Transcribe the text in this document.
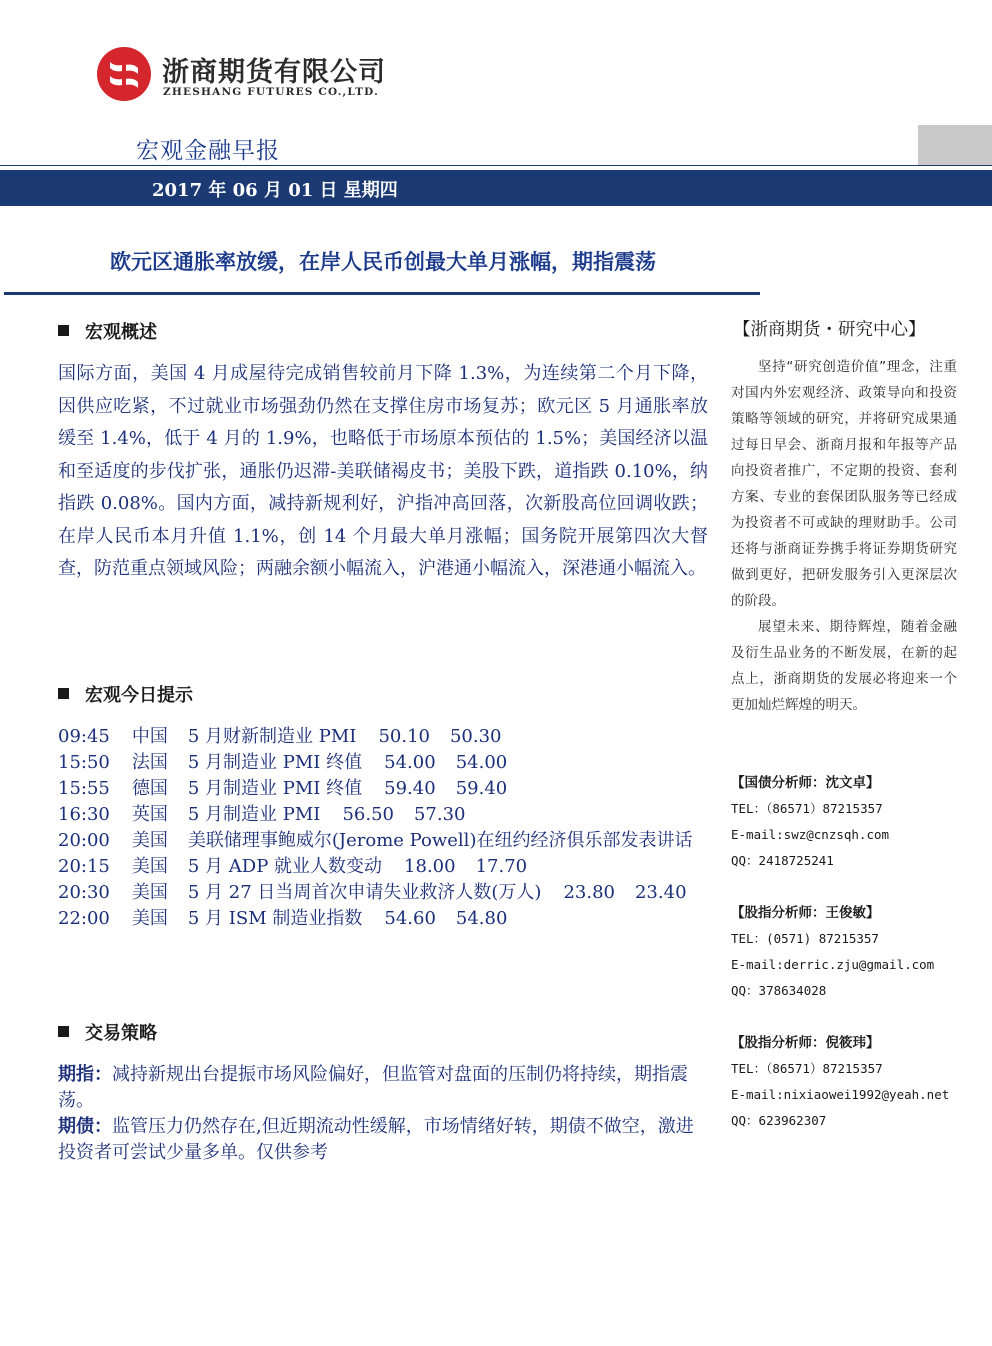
浙商期货有限公司
ZHESHANG FUTURES CO.,LTD.
宏观金融早报
2017 年 06 月 01 日 星期四
欧元区通胀率放缓，在岸人民币创最大单月涨幅，期指震荡
宏观概述
国际方面，美国 4 月成屋待完成销售较前月下降 1.3%，为连续第二个月下降，因供应吃紧，不过就业市场强劲仍然在支撑住房市场复苏；欧元区 5 月通胀率放缓至 1.4%，低于 4 月的 1.9%，也略低于市场原本预估的 1.5%；美国经济以温和至适度的步伐扩张，通胀仍迟滞-美联储褐皮书；美股下跌，道指跌 0.10%，纳指跌 0.08%。国内方面，减持新规利好，沪指冲高回落，次新股高位回调收跌；在岸人民币本月升值 1.1%，创 14 个月最大单月涨幅；国务院开展第四次大督查，防范重点领域风险；两融余额小幅流入，沪港通小幅流入，深港通小幅流入。
宏观今日提示
09:45 中国 5 月财新制造业 PMI 50.10 50.30
15:50 法国 5 月制造业 PMI 终值 54.00 54.00
15:55 德国 5 月制造业 PMI 终值 59.40 59.40
16:30 英国 5 月制造业 PMI 56.50 57.30
20:00 美国 美联储理事鲍威尔(Jerome Powell)在纽约经济俱乐部发表讲话
20:15 美国 5 月 ADP 就业人数变动 18.00 17.70
20:30 美国 5 月 27 日当周首次申请失业救济人数(万人) 23.80 23.40
22:00 美国 5 月 ISM 制造业指数 54.60 54.80
交易策略
期指：减持新规出台提振市场风险偏好，但监管对盘面的压制仍将持续，期指震荡。
期债：监管压力仍然存在,但近期流动性缓解，市场情绪好转，期债不做空，激进投资者可尝试少量多单。仅供参考
【浙商期货・研究中心】

坚持“研究创造价值”理念，注重对国内外宏观经济、政策导向和投资策略等领域的研究，并将研究成果通过每日早会、浙商月报和年报等产品向投资者推广，不定期的投资、套利方案、专业的套保团队服务等已经成为投资者不可或缺的理财助手。公司还将与浙商证券携手将证券期货研究做到更好，把研发服务引入更深层次的阶段。

展望未来、期待辉煌，随着金融及衍生品业务的不断发展，在新的起点上，浙商期货的发展必将迎来一个更加灿烂辉煌的明天。

【国债分析师：沈文卓】
TEL：（86571）87215357
E-mail:swz@cnzsqh.com
QQ：2418725241
【股指分析师：王俊敏】
TEL：(0571) 87215357
E-mail:derric.zju@gmail.com
QQ：378634028
【股指分析师：倪筱玮】
TEL：（86571）87215357
E-mail:nixiaowei1992@yeah.net
QQ：623962307
